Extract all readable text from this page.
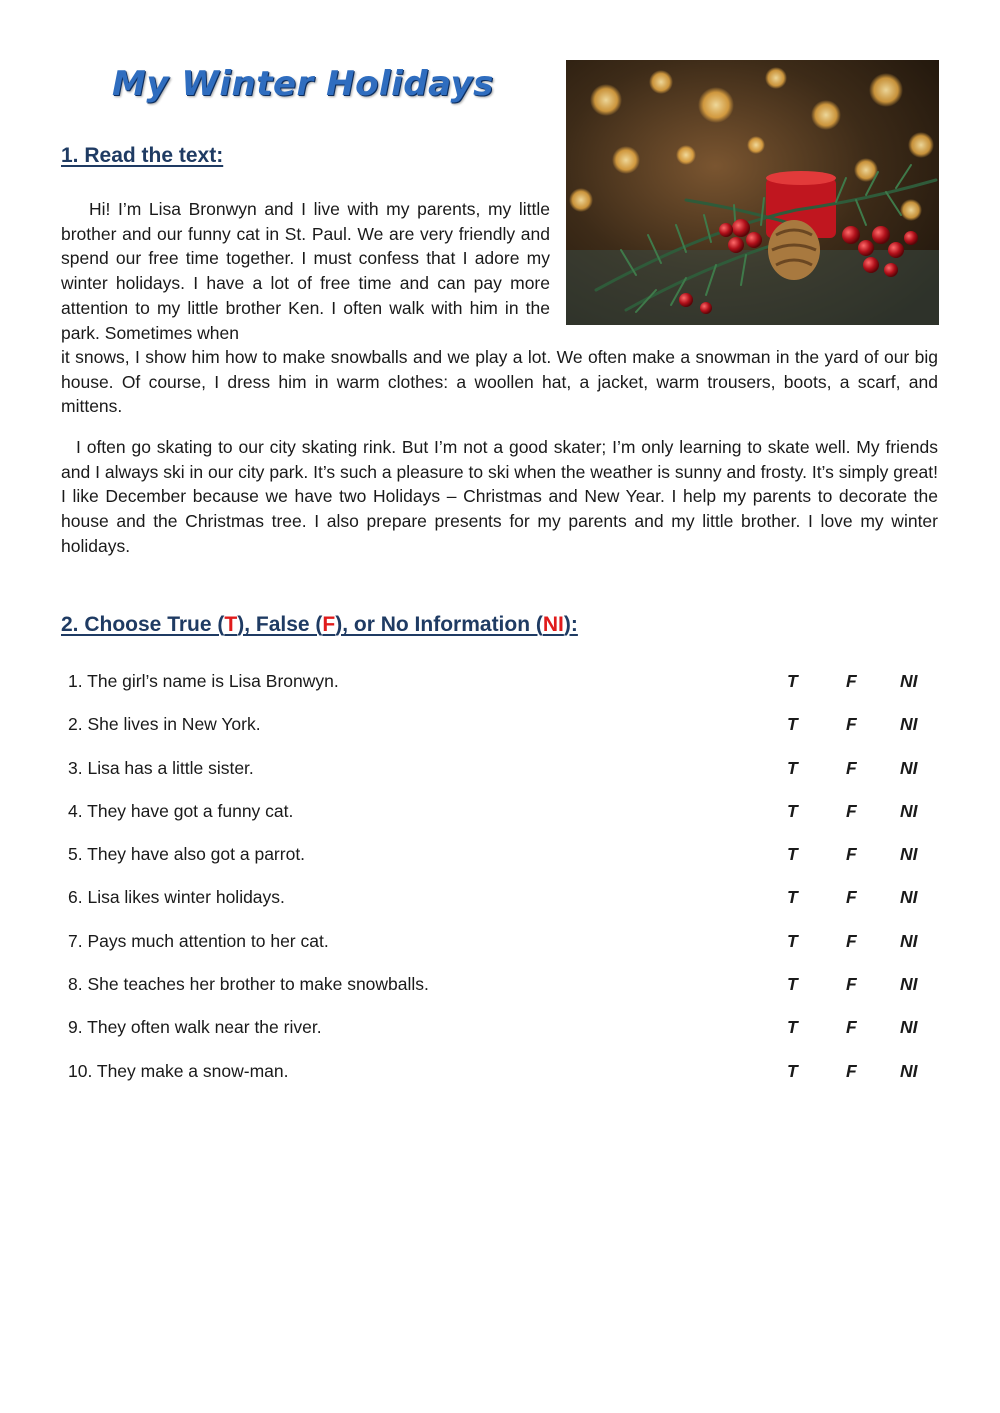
My Winter Holidays
1. Read the text:

Hi! I’m Lisa Bronwyn and I live with my parents, my little brother and our funny cat in St. Paul. We are very friendly and spend our free time together. I must confess that I adore my winter holidays. I have a lot of free time and can pay more attention to my little brother Ken. I often walk with him in the park. Sometimes when

it snows, I show him how to make snowballs and we play a lot. We often make a snowman in the yard of our big house. Of course, I dress him in warm clothes: a woollen hat, a jacket, warm trousers, boots, a scarf, and mittens.

I often go skating to our city skating rink. But I’m not a good skater; I’m only learning to skate well. My friends and I always ski in our city park. It’s such a pleasure to ski when the weather is sunny and frosty. It’s simply great! I like December because we have two Holidays – Christmas and New Year. I help my parents to decorate the house and the Christmas tree. I also prepare presents for my parents and my little brother. I love my winter holidays.

2. Choose True (T), False (F), or No Information (NI):
1. The girl’s name is Lisa Bronwyn.	T	F NI
2. She lives in New York.	T	F NI
3. Lisa has a little sister.	T	F NI
4. They have got a funny cat.	T	F NI
5. They have also got a parrot.	T	F NI
6. Lisa likes winter holidays.	T	F NI
7. Pays much attention to her cat.	T	F NI
8. She teaches her brother to make snowballs.	T	F NI
9. They often walk near the river.	T	F NI
10. They make a snow-man.	T	F NI
